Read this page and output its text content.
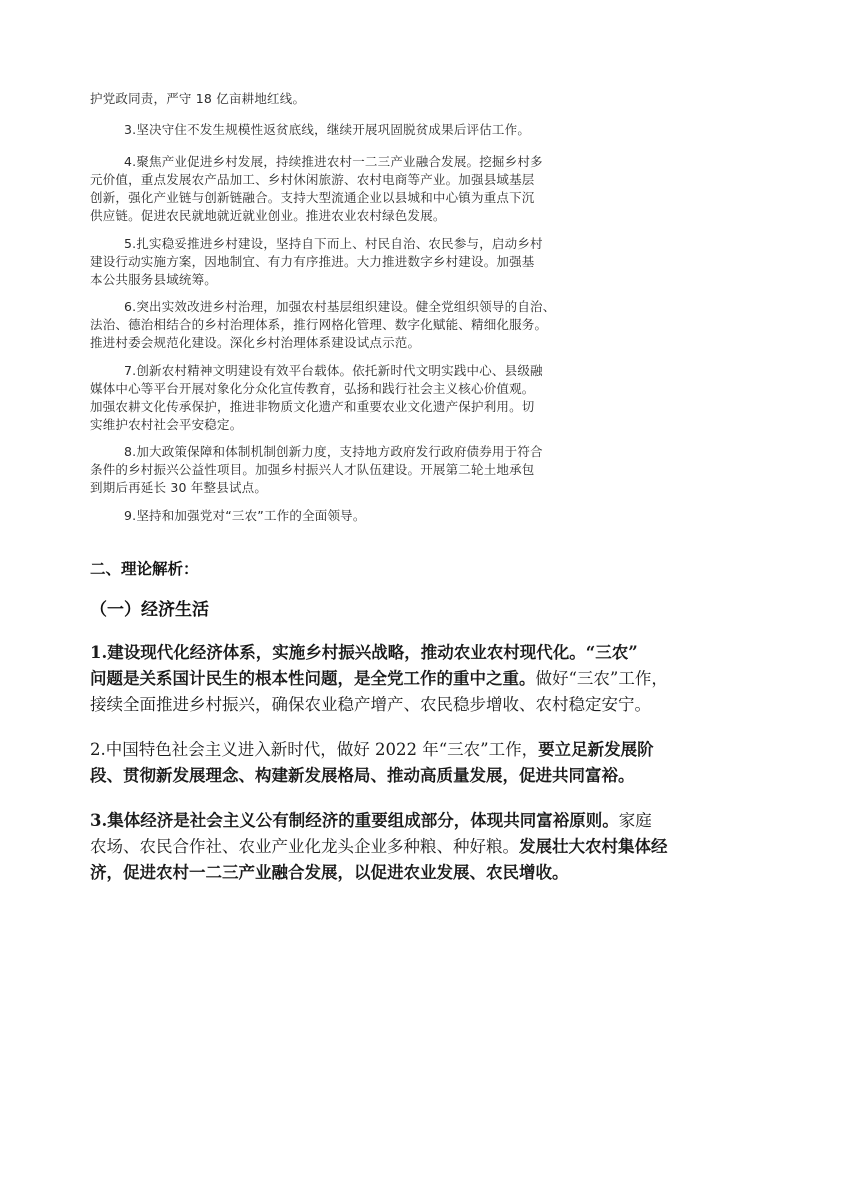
护党政同责，严守 18 亿亩耕地红线。
3.坚决守住不发生规模性返贫底线，继续开展巩固脱贫成果后评估工作。
4.聚焦产业促进乡村发展，持续推进农村一二三产业融合发展。挖掘乡村多
元价值，重点发展农产品加工、乡村休闲旅游、农村电商等产业。加强县域基层
创新，强化产业链与创新链融合。支持大型流通企业以县城和中心镇为重点下沉
供应链。促进农民就地就近就业创业。推进农业农村绿色发展。
5.扎实稳妥推进乡村建设，坚持自下而上、村民自治、农民参与，启动乡村
建设行动实施方案，因地制宜、有力有序推进。大力推进数字乡村建设。加强基
本公共服务县域统筹。
6.突出实效改进乡村治理，加强农村基层组织建设。健全党组织领导的自治、
法治、德治相结合的乡村治理体系，推行网格化管理、数字化赋能、精细化服务。
推进村委会规范化建设。深化乡村治理体系建设试点示范。
7.创新农村精神文明建设有效平台载体。依托新时代文明实践中心、县级融
媒体中心等平台开展对象化分众化宣传教育，弘扬和践行社会主义核心价值观。
加强农耕文化传承保护，推进非物质文化遗产和重要农业文化遗产保护利用。切
实维护农村社会平安稳定。
8.加大政策保障和体制机制创新力度，支持地方政府发行政府债券用于符合
条件的乡村振兴公益性项目。加强乡村振兴人才队伍建设。开展第二轮土地承包
到期后再延长 30 年整县试点。
9.坚持和加强党对“三农”工作的全面领导。
二、理论解析：
（一）经济生活
1.建设现代化经济体系，实施乡村振兴战略，推动农业农村现代化。“三农”
问题是关系国计民生的根本性问题，是全党工作的重中之重。做好“三农”工作，
接续全面推进乡村振兴，确保农业稳产增产、农民稳步增收、农村稳定安宁。
2.中国特色社会主义进入新时代，做好 2022 年“三农”工作，要立足新发展阶
段、贯彻新发展理念、构建新发展格局、推动高质量发展，促进共同富裕。
3.集体经济是社会主义公有制经济的重要组成部分，体现共同富裕原则。家庭
农场、农民合作社、农业产业化龙头企业多种粮、种好粮。发展壮大农村集体经
济，促进农村一二三产业融合发展，以促进农业发展、农民增收。
